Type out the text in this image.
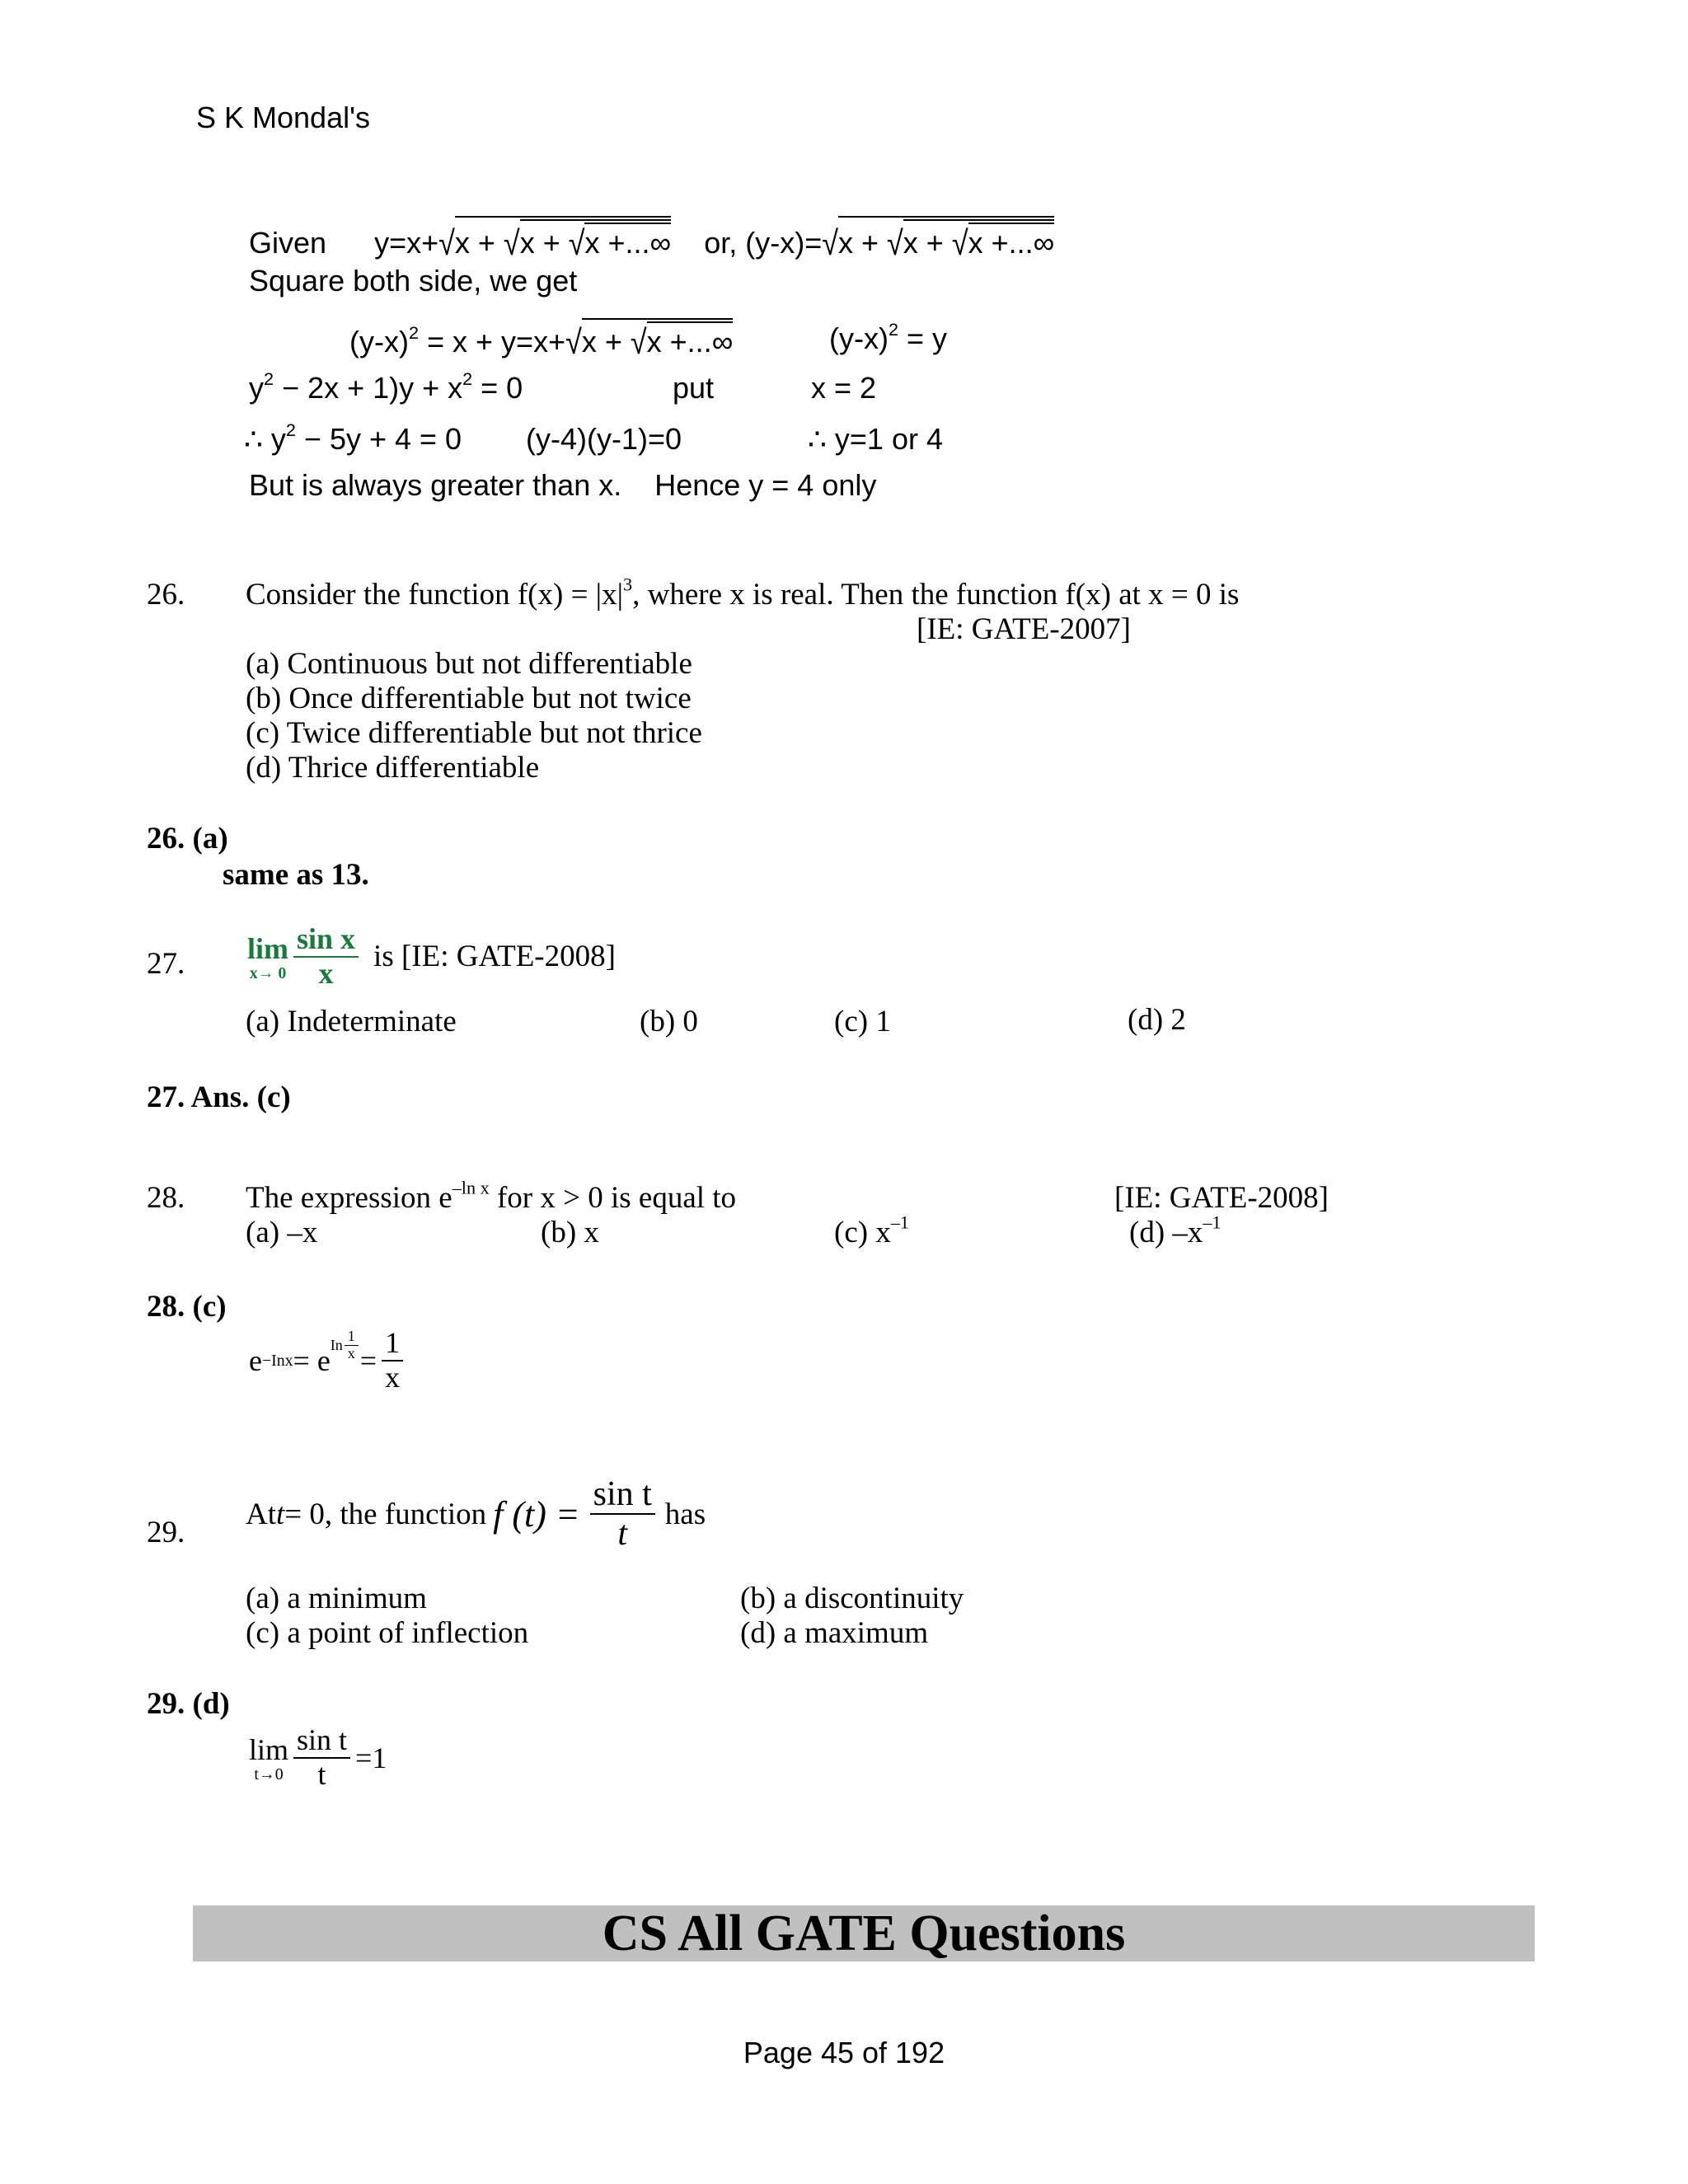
S K Mondal's
Given y=x+√x + √x + √x +...∞ or, (y-x)=√x + √x + √x +...∞
Square both side, we get
$(y-x)^2 = x + y=x+√x + √x$ +...∞	$(y-x)^2 = y$
$y^2 - 2x + 1)y + x^2 = 0$	put	x = 2
∴ $y^2 - 5y + 4 = 0$ (y-4)(y-1)=0	∴ y=1 or 4
But is always greater than x. Hence y = 4 only
26. Consider the function $f(x) = |x|^3$, where x is real. Then the function f(x) at x = 0 is
[IE: GATE-2007]
(a) Continuous but not differentiable
(b) Once differentiable but not twice
(c) Twice differentiable but not thrice
(d) Thrice differentiable
26. (a)
same as 13.
27. lim
$x\to 0 \frac{\text{sin x}}{x}$ is [IE: GATE-2008]
(a) Indeterminate	(b) 0	(c) 1	(d) 2
27. Ans. (c)
28. The expression $e^{-ln x}$ for x > 0 is equal to	[IE: GATE-2008]
(a) –x	(b) x	(c) $x^{-1}$	(d) $-x^{-1}$
28. (c)
e −Inx = e In $\frac{1}{x} = \frac{1}{x}$
29.
At t = 0, the function f $(t) = \frac{\text{sin t}}{t}$ has
(a) a minimum	(b) a discontinuity
(c) a point of inflection	(d) a maximum
29. (d)
lim
$t\to 0 \frac{\text{sin t}}{t} =1$
CS All GATE Questions
Page 45 of 192
